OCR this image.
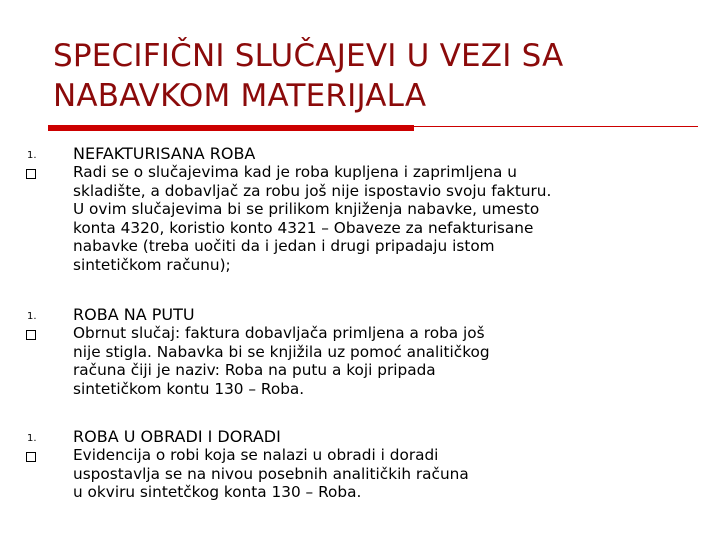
SPECIFIČNI SLUČAJEVI U VEZI SA
NABAVKOM MATERIJALA
1. NEFAKTURISANA ROBA
Radi se o slučajevima kad je roba kupljena i zaprimljena u
skladište, a dobavljač za robu još nije ispostavio svoju fakturu.
U ovim slučajevima bi se prilikom knjiženja nabavke, umesto
konta 4320, koristio konto 4321 – Obaveze za nefakturisane
nabavke (treba uočiti da i jedan i drugi pripadaju istom
sintetičkom računu);
1. ROBA NA PUTU
Obrnut slučaj: faktura dobavljača primljena a roba još
nije stigla. Nabavka bi se knjižila uz pomoć analitičkog
računa čiji je naziv: Roba na putu a koji pripada
sintetičkom kontu 130 – Roba.
1. ROBA U OBRADI I DORADI
Evidencija o robi koja se nalazi u obradi i doradi
uspostavlja se na nivou posebnih analitičkih računa
u okviru sintetčkog konta 130 – Roba.
